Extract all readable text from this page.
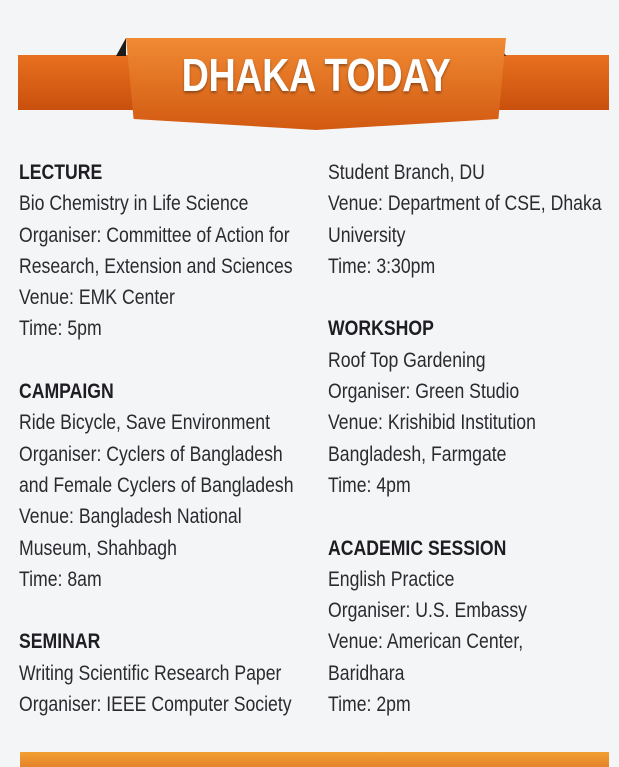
DHAKA TODAY
LECTURE
Bio Chemistry in Life Science
Organiser: Committee of Action for
Research, Extension and Sciences
Venue: EMK Center
Time: 5pm
CAMPAIGN
Ride Bicycle, Save Environment
Organiser: Cyclers of Bangladesh
and Female Cyclers of Bangladesh
Venue: Bangladesh National
Museum, Shahbagh
Time: 8am
SEMINAR
Writing Scientific Research Paper
Organiser: IEEE Computer Society
Student Branch, DU
Venue: Department of CSE, Dhaka
University
Time: 3:30pm
WORKSHOP
Roof Top Gardening
Organiser: Green Studio
Venue: Krishibid Institution
Bangladesh, Farmgate
Time: 4pm
ACADEMIC SESSION
English Practice
Organiser: U.S. Embassy
Venue: American Center,
Baridhara
Time: 2pm
